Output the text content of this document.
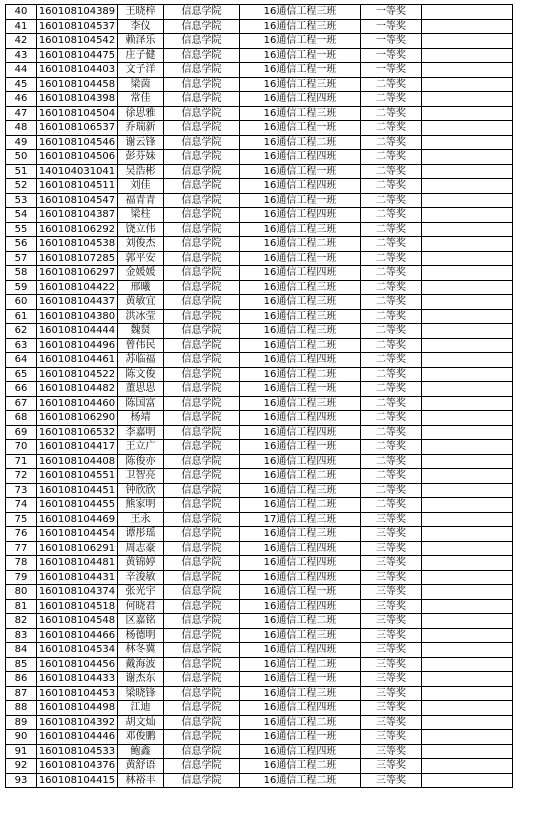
40	160108104389	王晓梓	信息学院	16通信工程三班	一等奖	
41	160108104537	李仪	信息学院	16通信工程三班	一等奖	
42	160108104542	赖泽乐	信息学院	16通信工程一班	一等奖	
43	160108104475	庄子健	信息学院	16通信工程一班	一等奖	
44	160108104403	文子洋	信息学院	16通信工程一班	一等奖	
45	160108104458	梁茵	信息学院	16通信工程三班	二等奖	
46	160108104398	常佳	信息学院	16通信工程四班	二等奖	
47	160108104504	徐思雅	信息学院	16通信工程三班	二等奖	
48	160108106537	乔瑞新	信息学院	16通信工程一班	二等奖	
49	160108104546	谢云锋	信息学院	16通信工程二班	二等奖	
50	160108104506	彭芬妹	信息学院	16通信工程四班	二等奖	
51	140104031041	吴浩彬	信息学院	16通信工程一班	二等奖	
52	160108104511	刘佳	信息学院	16通信工程四班	二等奖	
53	160108104547	福青青	信息学院	16通信工程一班	二等奖	
54	160108104387	梁柱	信息学院	16通信工程四班	二等奖	
55	160108106292	饶立伟	信息学院	16通信工程三班	二等奖	
56	160108104538	刘俊杰	信息学院	16通信工程二班	二等奖	
57	160108107285	郭平安	信息学院	16通信工程一班	二等奖	
58	160108106297	金媛媛	信息学院	16通信工程四班	二等奖	
59	160108104422	邢曦	信息学院	16通信工程三班	二等奖	
60	160108104437	黄敏宜	信息学院	16通信工程三班	二等奖	
61	160108104380	洪冰莹	信息学院	16通信工程三班	二等奖	
62	160108104444	魏贤	信息学院	16通信工程三班	二等奖	
63	160108104496	曾伟民	信息学院	16通信工程二班	二等奖	
64	160108104461	苏临福	信息学院	16通信工程四班	二等奖	
65	160108104522	陈文俊	信息学院	16通信工程二班	二等奖	
66	160108104482	董思思	信息学院	16通信工程一班	二等奖	
67	160108104460	陈国富	信息学院	16通信工程三班	二等奖	
68	160108106290	杨靖	信息学院	16通信工程四班	二等奖	
69	160108106532	李嘉明	信息学院	16通信工程四班	二等奖	
70	160108104417	王立广	信息学院	16通信工程一班	二等奖	
71	160108104408	陈俊亦	信息学院	16通信工程四班	二等奖	
72	160108104551	卫智亮	信息学院	16通信工程二班	二等奖	
73	160108104451	钟欣欣	信息学院	16通信工程三班	二等奖	
74	160108104455	熊家明	信息学院	16通信工程二班	二等奖	
75	160108104469	王永	信息学院	17通信工程三班	三等奖	
76	160108104454	谭彤瑶	信息学院	16通信工程三班	三等奖	
77	160108106291	周志豪	信息学院	16通信工程四班	三等奖	
78	160108104481	黄锦婷	信息学院	16通信工程四班	三等奖	
79	160108104431	辛浚敏	信息学院	16通信工程四班	三等奖	
80	160108104374	张光宇	信息学院	16通信工程一班	三等奖	
81	160108104518	何晓君	信息学院	16通信工程四班	三等奖	
82	160108104548	区嘉铭	信息学院	16通信工程二班	三等奖	
83	160108104466	杨德明	信息学院	16通信工程三班	三等奖	
84	160108104534	林冬冀	信息学院	16通信工程四班	三等奖	
85	160108104456	戴海波	信息学院	16通信工程二班	三等奖	
86	160108104433	谢杰东	信息学院	16通信工程一班	三等奖	
87	160108104453	梁晓锋	信息学院	16通信工程三班	三等奖	
88	160108104498	江迪	信息学院	16通信工程四班	三等奖	
89	160108104392	胡文灿	信息学院	16通信工程二班	三等奖	
90	160108104446	邓俊鹏	信息学院	16通信工程一班	三等奖	
91	160108104533	鲍鑫	信息学院	16通信工程四班	三等奖	
92	160108104376	黄舒语	信息学院	16通信工程二班	三等奖	
93	160108104415	林裕丰	信息学院	16通信工程二班	三等奖	
